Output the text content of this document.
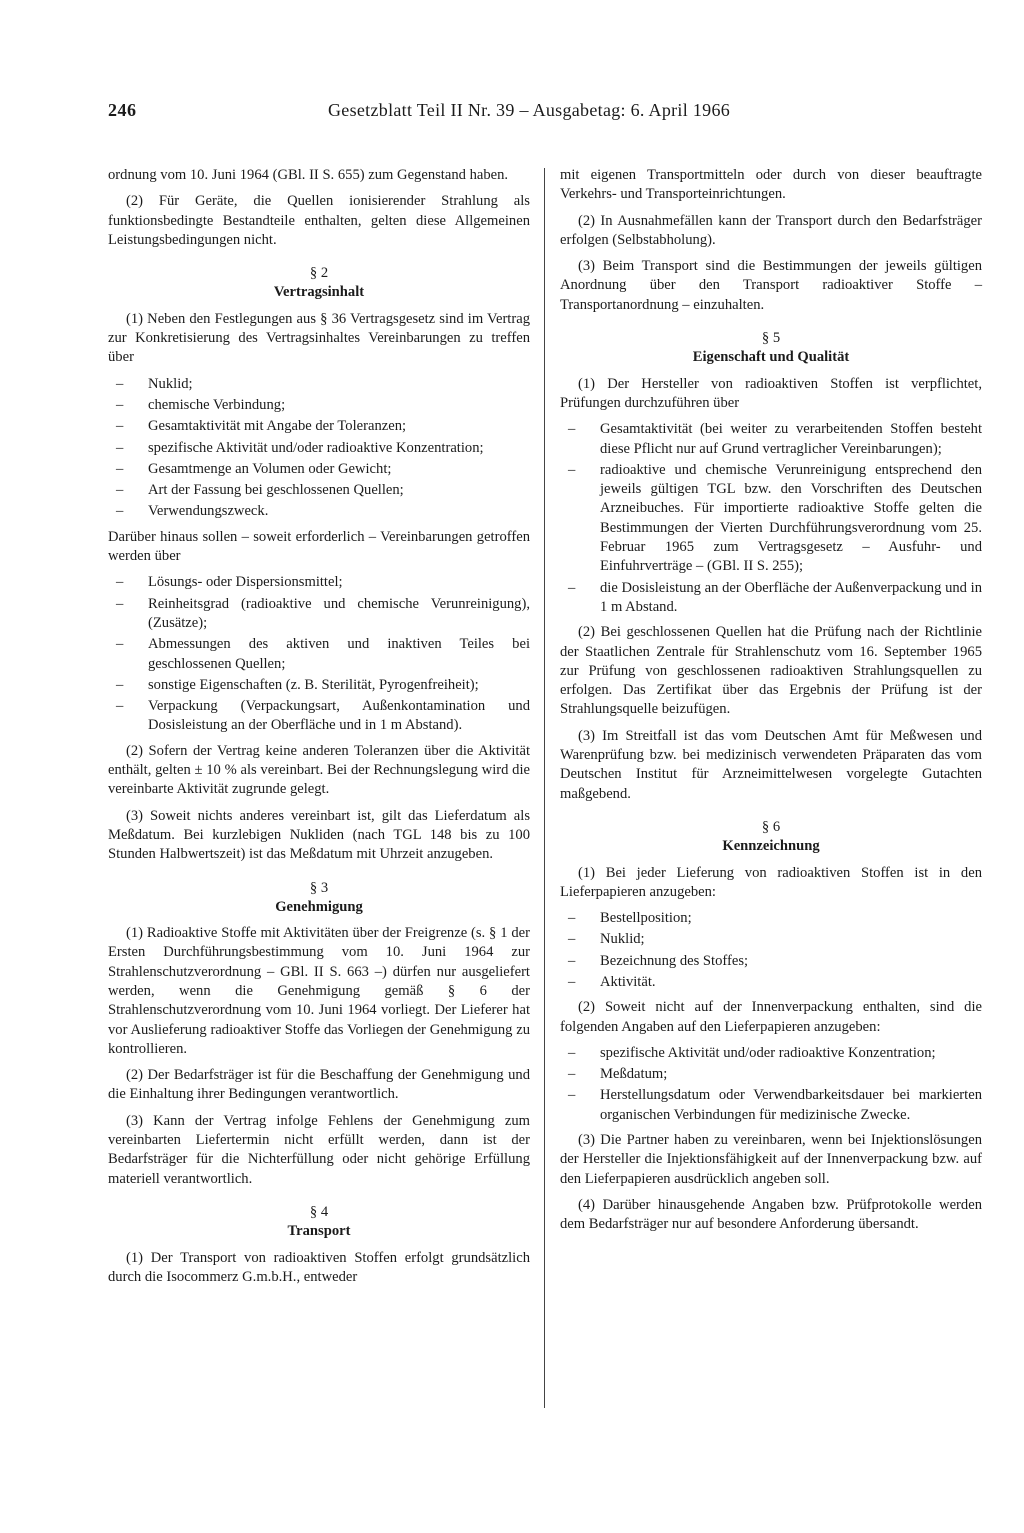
246	Gesetzblatt Teil II Nr. 39 – Ausgabetag: 6. April 1966

ordnung vom 10. Juni 1964 (GBl. II S. 655) zum Gegenstand haben.

(2) Für Geräte, die Quellen ionisierender Strahlung als funktionsbedingte Bestandteile enthalten, gelten diese Allgemeinen Leistungsbedingungen nicht.

§ 2
Vertragsinhalt

(1) Neben den Festlegungen aus § 36 Vertragsgesetz sind im Vertrag zur Konkretisierung des Vertragsinhaltes Vereinbarungen zu treffen über

– Nuklid;
– chemische Verbindung;
– Gesamtaktivität mit Angabe der Toleranzen;
– spezifische Aktivität und/oder radioaktive Konzentration;
– Gesamtmenge an Volumen oder Gewicht;
– Art der Fassung bei geschlossenen Quellen;
– Verwendungszweck.

Darüber hinaus sollen – soweit erforderlich – Vereinbarungen getroffen werden über

– Lösungs- oder Dispersionsmittel;
– Reinheitsgrad (radioaktive und chemische Verunreinigung), (Zusätze);
– Abmessungen des aktiven und inaktiven Teiles bei geschlossenen Quellen;
– sonstige Eigenschaften (z. B. Sterilität, Pyrogenfreiheit);
– Verpackung (Verpackungsart, Außenkontamination und Dosisleistung an der Oberfläche und in 1 m Abstand).

(2) Sofern der Vertrag keine anderen Toleranzen über die Aktivität enthält, gelten ± 10 % als vereinbart. Bei der Rechnungslegung wird die vereinbarte Aktivität zugrunde gelegt.

(3) Soweit nichts anderes vereinbart ist, gilt das Lieferdatum als Meßdatum. Bei kurzlebigen Nukliden (nach TGL 148 bis zu 100 Stunden Halbwertszeit) ist das Meßdatum mit Uhrzeit anzugeben.

§ 3
Genehmigung

(1) Radioaktive Stoffe mit Aktivitäten über der Freigrenze (s. § 1 der Ersten Durchführungsbestimmung vom 10. Juni 1964 zur Strahlenschutzverordnung – GBl. II S. 663 –) dürfen nur ausgeliefert werden, wenn die Genehmigung gemäß § 6 der Strahlenschutzverordnung vom 10. Juni 1964 vorliegt. Der Lieferer hat vor Auslieferung radioaktiver Stoffe das Vorliegen der Genehmigung zu kontrollieren.

(2) Der Bedarfsträger ist für die Beschaffung der Genehmigung und die Einhaltung ihrer Bedingungen verantwortlich.

(3) Kann der Vertrag infolge Fehlens der Genehmigung zum vereinbarten Liefertermin nicht erfüllt werden, dann ist der Bedarfsträger für die Nichterfüllung oder nicht gehörige Erfüllung materiell verantwortlich.

§ 4
Transport

(1) Der Transport von radioaktiven Stoffen erfolgt grundsätzlich durch die Isocommerz G.m.b.H., entweder

mit eigenen Transportmitteln oder durch von dieser beauftragte Verkehrs- und Transporteinrichtungen.

(2) In Ausnahmefällen kann der Transport durch den Bedarfsträger erfolgen (Selbstabholung).

(3) Beim Transport sind die Bestimmungen der jeweils gültigen Anordnung über den Transport radioaktiver Stoffe – Transportanordnung – einzuhalten.

§ 5
Eigenschaft und Qualität

(1) Der Hersteller von radioaktiven Stoffen ist verpflichtet, Prüfungen durchzuführen über

– Gesamtaktivität (bei weiter zu verarbeitenden Stoffen besteht diese Pflicht nur auf Grund vertraglicher Vereinbarungen);
– radioaktive und chemische Verunreinigung entsprechend den jeweils gültigen TGL bzw. den Vorschriften des Deutschen Arzneibuches. Für importierte radioaktive Stoffe gelten die Bestimmungen der Vierten Durchführungsverordnung vom 25. Februar 1965 zum Vertragsgesetz – Ausfuhr- und Einfuhrverträge – (GBl. II S. 255);
– die Dosisleistung an der Oberfläche der Außenverpackung und in 1 m Abstand.

(2) Bei geschlossenen Quellen hat die Prüfung nach der Richtlinie der Staatlichen Zentrale für Strahlenschutz vom 16. September 1965 zur Prüfung von geschlossenen radioaktiven Strahlungsquellen zu erfolgen. Das Zertifikat über das Ergebnis der Prüfung ist der Strahlungsquelle beizufügen.

(3) Im Streitfall ist das vom Deutschen Amt für Meßwesen und Warenprüfung bzw. bei medizinisch verwendeten Präparaten das vom Deutschen Institut für Arzneimittelwesen vorgelegte Gutachten maßgebend.

§ 6
Kennzeichnung

(1) Bei jeder Lieferung von radioaktiven Stoffen ist in den Lieferpapieren anzugeben:

– Bestellposition;
– Nuklid;
– Bezeichnung des Stoffes;
– Aktivität.

(2) Soweit nicht auf der Innenverpackung enthalten, sind die folgenden Angaben auf den Lieferpapieren anzugeben:

– spezifische Aktivität und/oder radioaktive Konzentration;
– Meßdatum;
– Herstellungsdatum oder Verwendbarkeitsdauer bei markierten organischen Verbindungen für medizinische Zwecke.

(3) Die Partner haben zu vereinbaren, wenn bei Injektionslösungen der Hersteller die Injektionsfähigkeit auf der Innenverpackung bzw. auf den Lieferpapieren ausdrücklich angeben soll.

(4) Darüber hinausgehende Angaben bzw. Prüfprotokolle werden dem Bedarfsträger nur auf besondere Anforderung übersandt.
